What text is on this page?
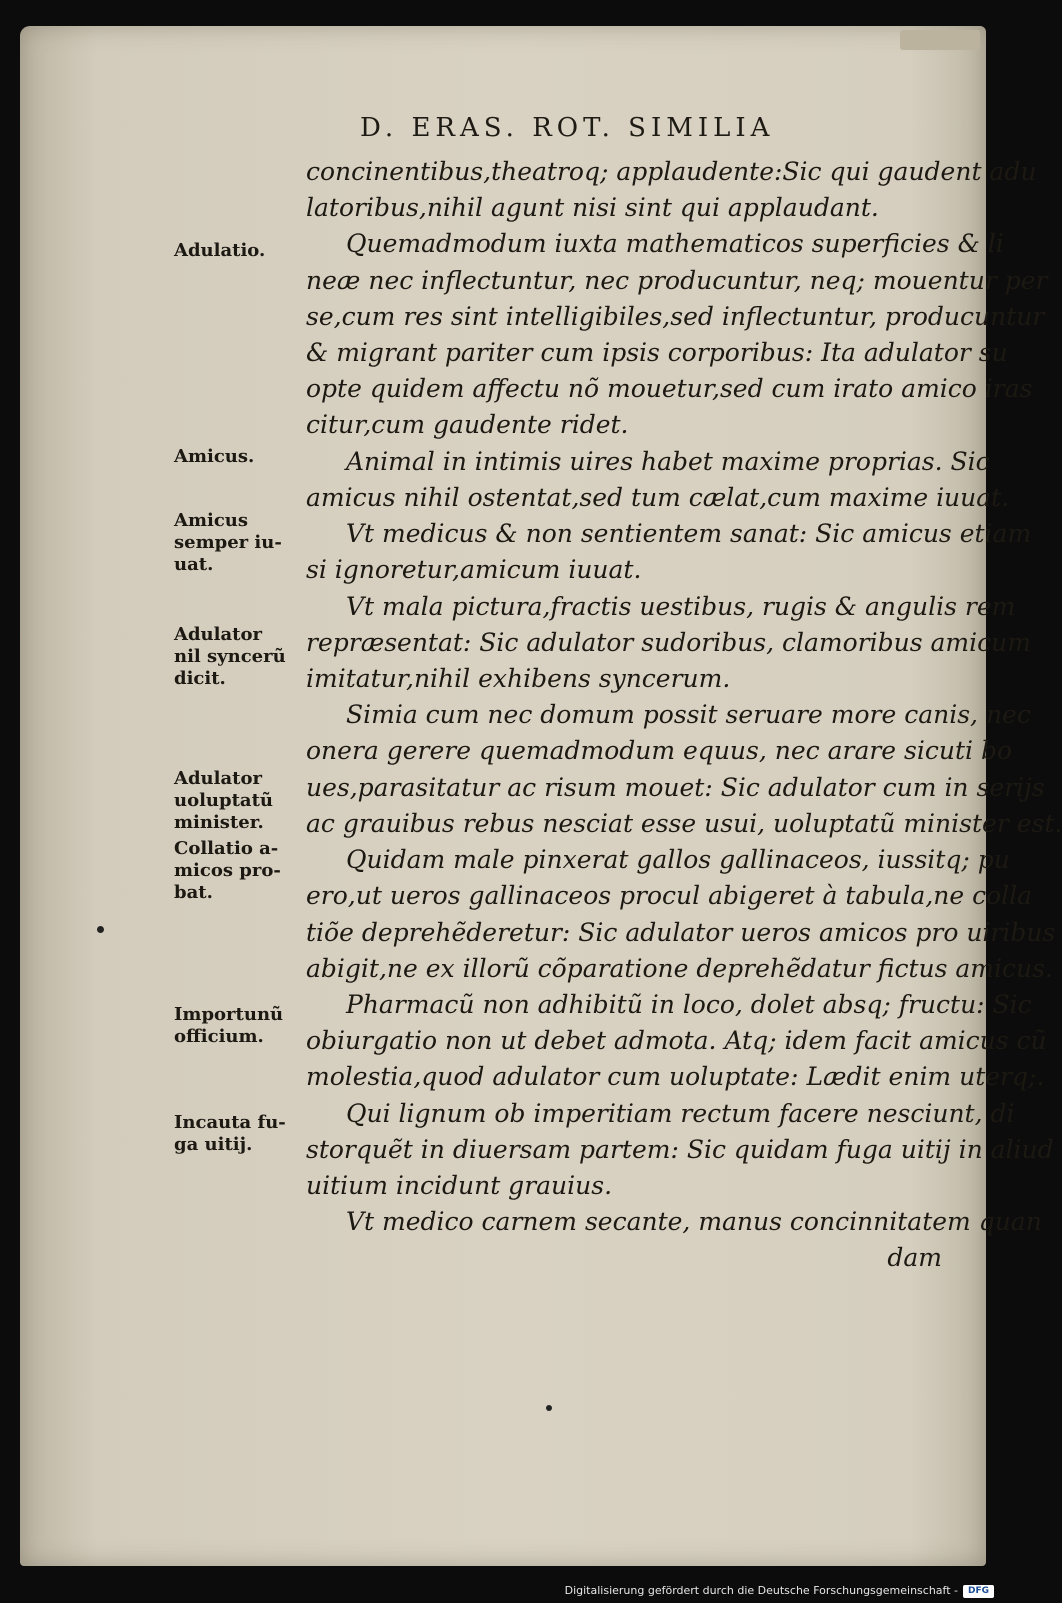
D. ERAS. ROT. SIMILIA

concinentibus,theatroq; applaudente:Sic qui gaudent adu

latoribus,nihil agunt nisi sint qui applaudant.

Quemadmodum iuxta mathematicos superficies & li

neæ nec inflectuntur, nec producuntur, neq; mouentur per

se,cum res sint intelligibiles,sed inflectuntur, producuntur

& migrant pariter cum ipsis corporibus: Ita adulator su

opte quidem affectu nõ mouetur,sed cum irato amico iras

citur,cum gaudente ridet.

Animal in intimis uires habet maxime proprias. Sic

amicus nihil ostentat,sed tum cælat,cum maxime iuuat.

Vt medicus & non sentientem sanat: Sic amicus etiam

si ignoretur,amicum iuuat.

Vt mala pictura,fractis uestibus, rugis & angulis rem

repræsentat: Sic adulator sudoribus, clamoribus amicum

imitatur,nihil exhibens syncerum.

Simia cum nec domum possit seruare more canis, nec

onera gerere quemadmodum equus, nec arare sicuti bo

ues,parasitatur ac risum mouet: Sic adulator cum in serijs

ac grauibus rebus nesciat esse usui, uoluptatũ minister est.

Quidam male pinxerat gallos gallinaceos, iussitq; pu

ero,ut ueros gallinaceos procul abigeret à tabula,ne colla

tiõe deprehẽderetur: Sic adulator ueros amicos pro uiribus

abigit,ne ex illorũ cõparatione deprehẽdatur fictus amicus.

Pharmacũ non adhibitũ in loco, dolet absq; fructu: Sic

obiurgatio non ut debet admota. Atq; idem facit amicus cũ

molestia,quod adulator cum uoluptate: Lædit enim uterq;.

Qui lignum ob imperitiam rectum facere nesciunt, di

storquẽt in diuersam partem: Sic quidam fuga uitij in aliud

uitium incidunt grauius.

Vt medico carnem secante, manus concinnitatem quan

dam

Adulatio.
Amicus.
Amicus
semper iu-
uat.
Adulator
nil syncerũ
dicit.
Adulator
uoluptatũ
minister.
Collatio a-
micos pro-
bat.
Importunũ
officium.
Incauta fu-
ga uitij.

Digitalisierung gefördert durch die Deutsche Forschungsgemeinschaft -	DFG
